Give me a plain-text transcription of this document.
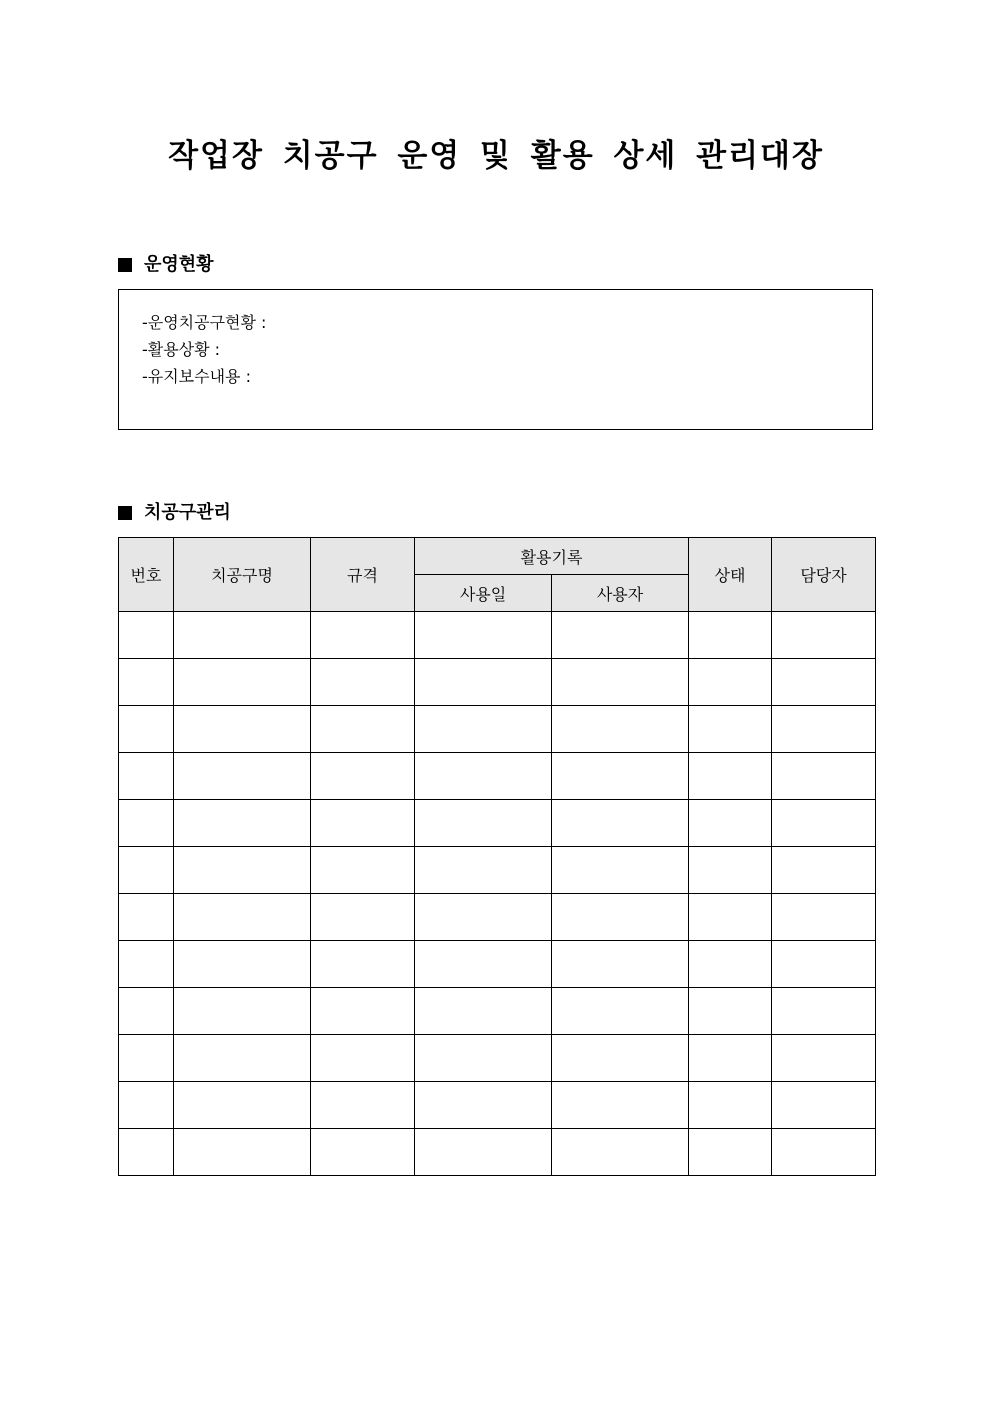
작업장 치공구 운영 및 활용 상세 관리대장
운영현황
-운영치공구현황 :
-활용상황 :
-유지보수내용 :
치공구관리
번호	치공구명	규격	활용기록		상태	담당자
			사용일	사용자		
